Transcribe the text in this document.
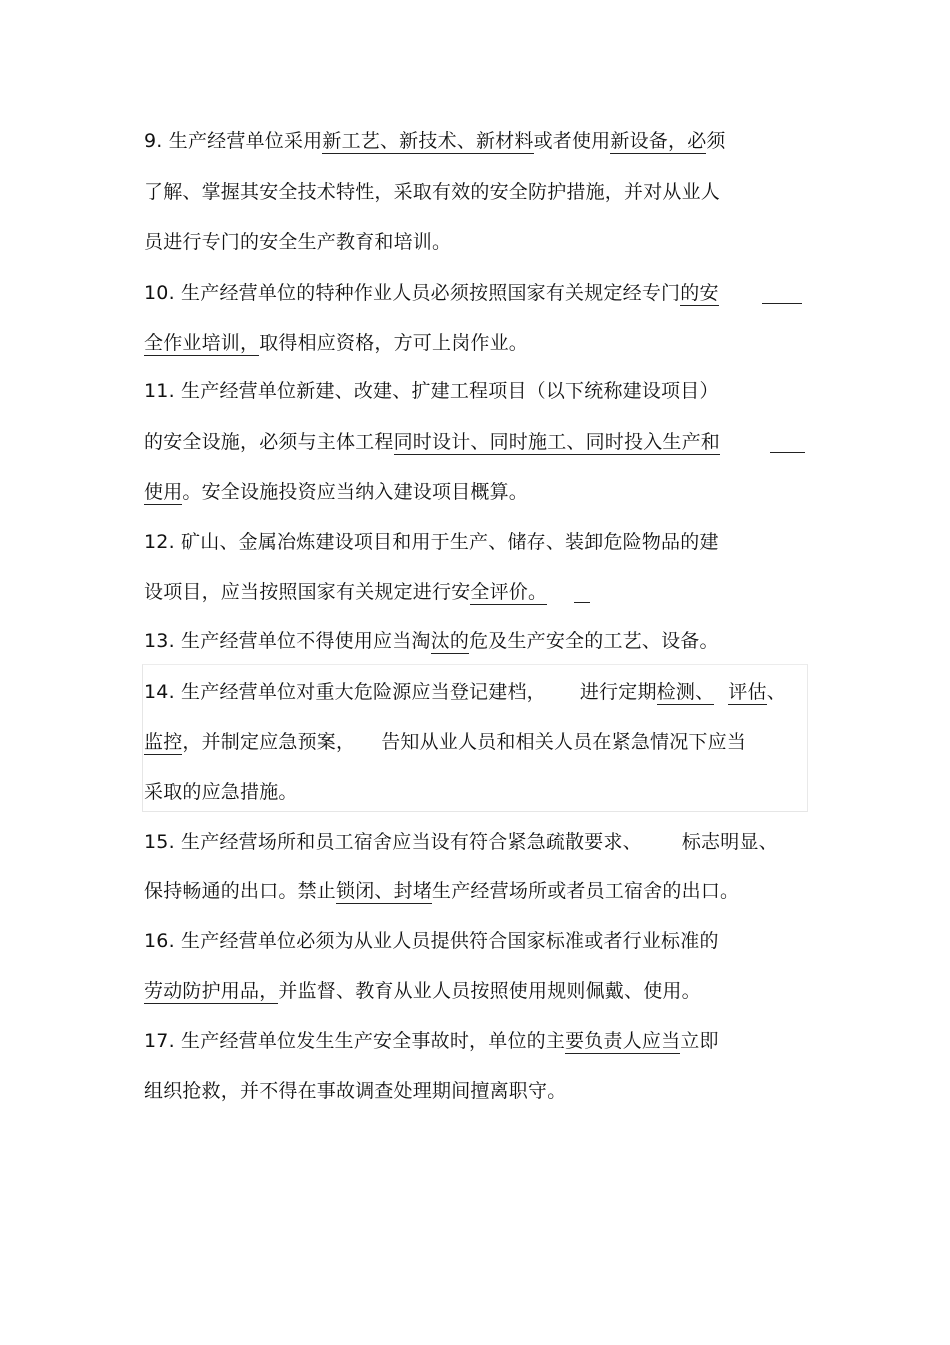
9. 生产经营单位采用新工艺、新技术、新材料或者使用新设备，必须
了解、掌握其安全技术特性，采取有效的安全防护措施，并对从业人
员进行专门的安全生产教育和培训。
10. 生产经营单位的特种作业人员必须按照国家有关规定经专门的安
全作业培训，取得相应资格，方可上岗作业。
11. 生产经营单位新建、改建、扩建工程项目（以下统称建设项目）
的安全设施，必须与主体工程同时设计、同时施工、同时投入生产和
使用。安全设施投资应当纳入建设项目概算。
12. 矿山、金属冶炼建设项目和用于生产、储存、装卸危险物品的建
设项目，应当按照国家有关规定进行安全评价。
13. 生产经营单位不得使用应当淘汰的危及生产安全的工艺、设备。
14. 生产经营单位对重大危险源应当登记建档， 进行定期检测、 评估、
监控，并制定应急预案， 告知从业人员和相关人员在紧急情况下应当
采取的应急措施。
15. 生产经营场所和员工宿舍应当设有符合紧急疏散要求、 标志明显、
保持畅通的出口。禁止锁闭、封堵生产经营场所或者员工宿舍的出口。
16. 生产经营单位必须为从业人员提供符合国家标准或者行业标准的
劳动防护用品，并监督、教育从业人员按照使用规则佩戴、使用。
17. 生产经营单位发生生产安全事故时，单位的主要负责人应当立即
组织抢救，并不得在事故调查处理期间擅离职守。
